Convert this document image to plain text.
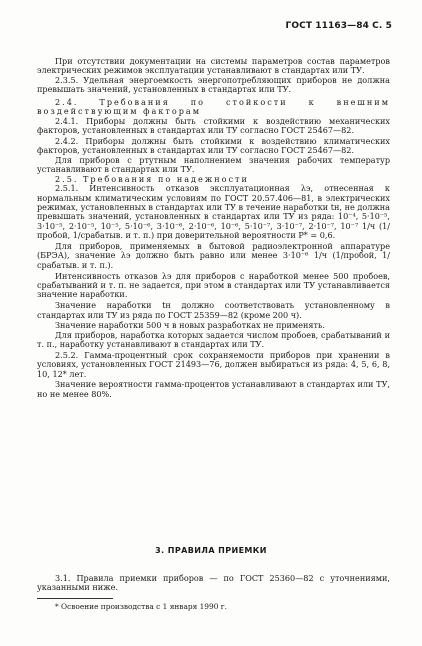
ГОСТ 11163—84 С. 5

При отсутствии документации на системы параметров состав параметров электрических режимов эксплуатации устанавливают в стандартах или ТУ.

2.3.5. Удельная энергоемкость энергопотребляющих приборов не должна превышать значений, установленных в стандартах или ТУ.

2.4. Требования по стойкости к внешним воздействующим факторам

2.4.1. Приборы должны быть стойкими к воздействию механических факторов, установленных в стандартах или ТУ согласно ГОСТ 25467—82.

2.4.2. Приборы должны быть стойкими к воздействию климатических факторов, установленных в стандартах или ТУ согласно ГОСТ 25467—82.

Для приборов с ртутным наполнением значения рабочих температур устанавливают в стандартах или ТУ.

2.5. Требования по надежности

2.5.1. Интенсивность отказов эксплуатационная λэ, отнесенная к нормальным климатическим условиям по ГОСТ 20.57.406—81, в электрических режимах, установленных в стандартах или ТУ в течение наработки tн, не должна превышать значений, установленных в стандартах или ТУ из ряда: 10⁻⁴, 5·10⁻⁵, 3·10⁻⁵, 2·10⁻⁵, 10⁻⁵, 5·10⁻⁶, 3·10⁻⁶, 2·10⁻⁶, 10⁻⁶, 5·10⁻⁷, 3·10⁻⁷, 2·10⁻⁷, 10⁻⁷ 1/ч (1/пробой, 1/срабатыв. и т. п.) при доверительной вероятности Р* = 0,6.

Для приборов, применяемых в бытовой радиоэлектронной аппаратуре (БРЭА), значение λэ должно быть равно или менее 3·10⁻⁶ 1/ч (1/пробой, 1/срабатыв. и т. п.).

Интенсивность отказов λэ для приборов с наработкой менее 500 пробоев, срабатываний и т. п. не задается, при этом в стандартах или ТУ устанавливается значение наработки.

Значение наработки tн должно соответствовать установленному в стандартах или ТУ из ряда по ГОСТ 25359—82 (кроме 200 ч).

Значение наработки 500 ч в новых разработках не применять.

Для приборов, наработка которых задается числом пробоев, срабатываний и т. п., наработку устанавливают в стандартах или ТУ.

2.5.2. Гамма-процентный срок сохраняемости приборов при хранении в условиях, установленных ГОСТ 21493—76, должен выбираться из ряда: 4, 5, 6, 8, 10, 12* лет.

Значение вероятности гамма-процентов устанавливают в стандартах или ТУ, но не менее 80%.

3. ПРАВИЛА ПРИЕМКИ

3.1. Правила приемки приборов — по ГОСТ 25360—82 с уточнениями, указанными ниже.

* Освоение производства с 1 января 1990 г.
